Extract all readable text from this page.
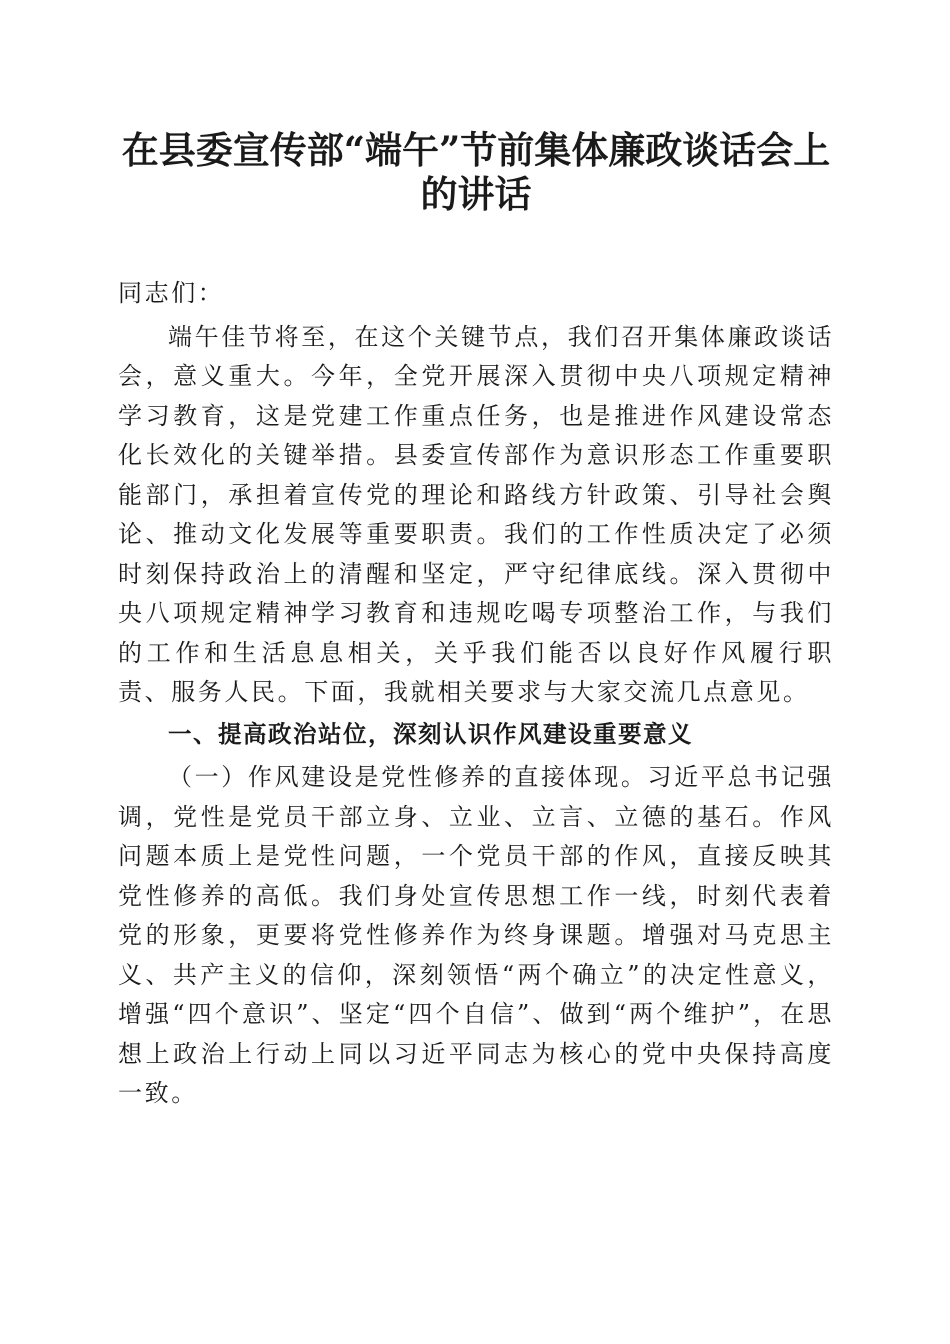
在县委宣传部“端午”节前集体廉政谈话会上的讲话
同志们：

端午佳节将至，在这个关键节点，我们召开集体廉政谈话会，意义重大。今年，全党开展深入贯彻中央八项规定精神学习教育，这是党建工作重点任务，也是推进作风建设常态化长效化的关键举措。县委宣传部作为意识形态工作重要职能部门，承担着宣传党的理论和路线方针政策、引导社会舆论、推动文化发展等重要职责。我们的工作性质决定了必须时刻保持政治上的清醒和坚定，严守纪律底线。深入贯彻中央八项规定精神学习教育和违规吃喝专项整治工作，与我们的工作和生活息息相关，关乎我们能否以良好作风履行职责、服务人民。下面，我就相关要求与大家交流几点意见。

一、提高政治站位，深刻认识作风建设重要意义

（一）作风建设是党性修养的直接体现。习近平总书记强调，党性是党员干部立身、立业、立言、立德的基石。作风问题本质上是党性问题，一个党员干部的作风，直接反映其党性修养的高低。我们身处宣传思想工作一线，时刻代表着党的形象，更要将党性修养作为终身课题。增强对马克思主义、共产主义的信仰，深刻领悟“两个确立”的决定性意义，增强“四个意识”、坚定“四个自信”、做到“两个维护”，在思想上政治上行动上同以习近平同志为核心的党中央保持高度一致。
